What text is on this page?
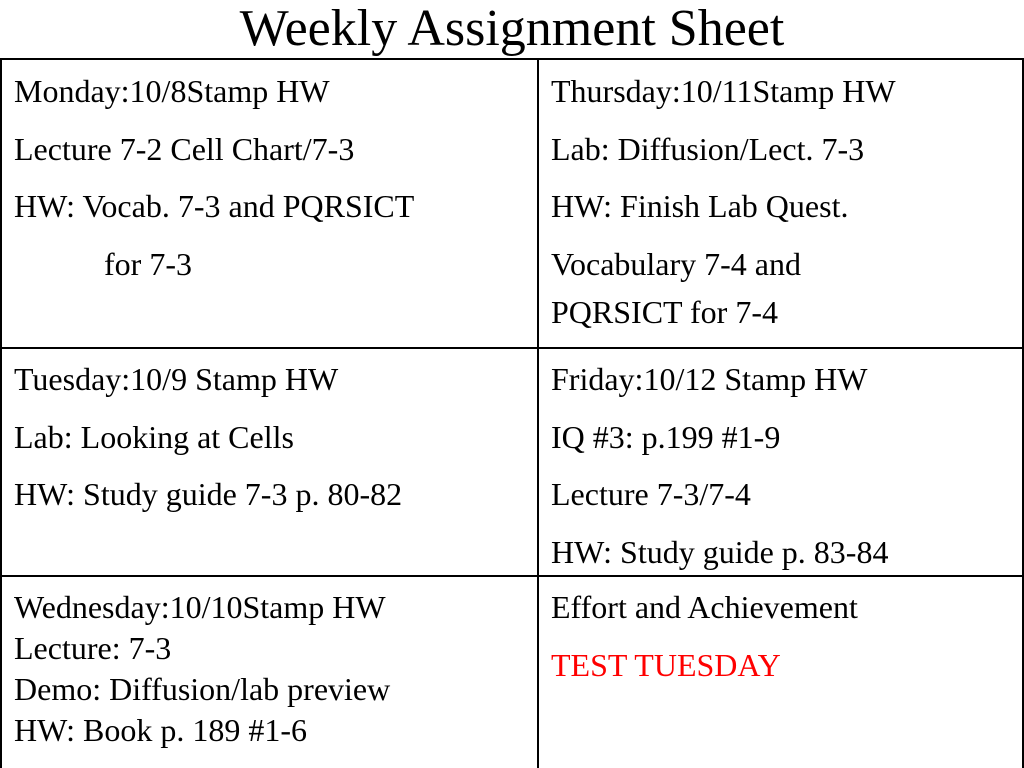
Weekly Assignment Sheet
Monday:10/8Stamp HW
Lecture 7-2 Cell Chart/7-3
HW: Vocab. 7-3 and PQRSICT
for 7-3
Thursday:10/11Stamp HW
Lab: Diffusion/Lect. 7-3
HW: Finish Lab Quest.
Vocabulary 7-4 and
PQRSICT for 7-4
Tuesday:10/9 Stamp HW
Lab: Looking at Cells
HW: Study guide 7-3 p. 80-82
Friday:10/12 Stamp HW
IQ #3: p.199 #1-9
Lecture 7-3/7-4
HW: Study guide p. 83-84
Wednesday:10/10Stamp HW
Lecture: 7-3
Demo: Diffusion/lab preview
HW: Book p. 189 #1-6
Effort and Achievement
TEST TUESDAY
